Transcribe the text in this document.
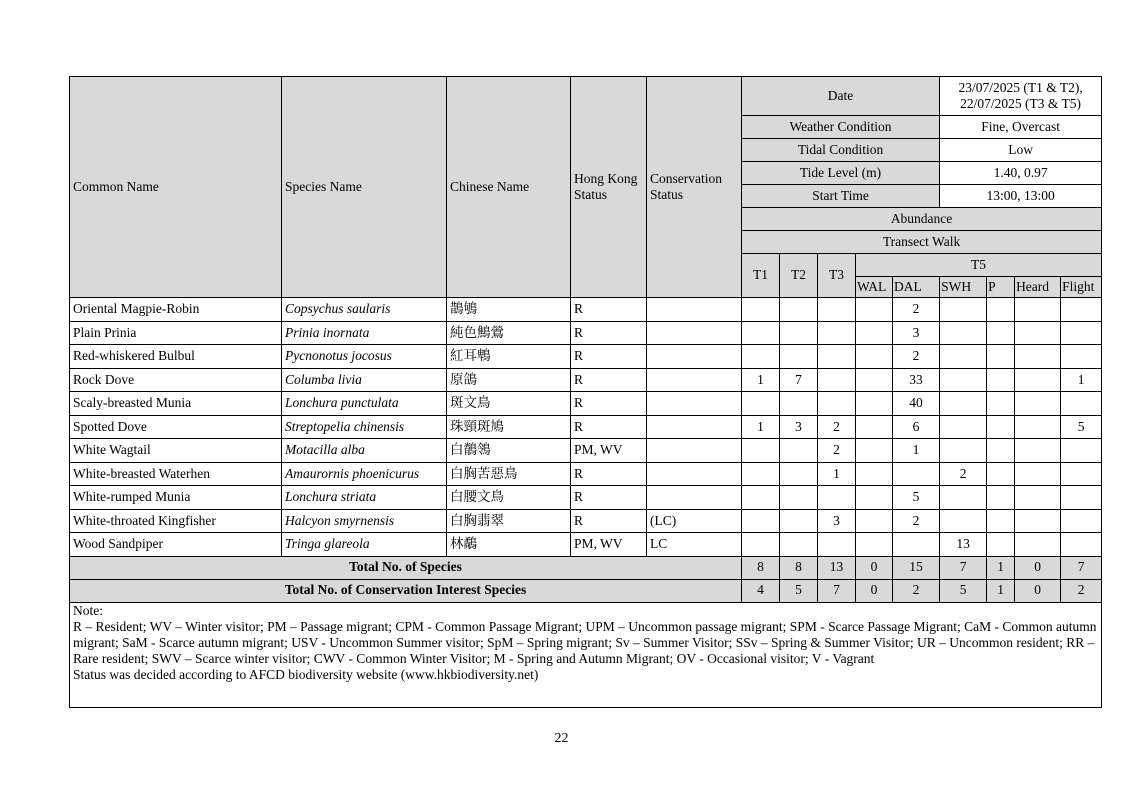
Common Name	Species Name	Chinese Name	Hong Kong Status	Conservation Status	Date					23/07/2025 (T1 & T2), 22/07/2025 (T3 & T5)			
					Weather Condition					Fine, Overcast			
					Tidal Condition					Low			
					Tide Level (m)					1.40, 0.97			
					Start Time					13:00, 13:00			
					Abundance								
					Transect Walk								
					T1	T2	T3	T5					
								WAL	DAL	SWH	P	Heard	Flight

Oriental Magpie-Robin	Copsychus saularis	鵲鴝	R						2				
Plain Prinia	Prinia inornata	純色鷦鶯	R						3				
Red-whiskered Bulbul	Pycnonotus jocosus	紅耳鵯	R						2				
Rock Dove	Columba livia	原鴿	R		1	7			33				1
Scaly-breasted Munia	Lonchura punctulata	斑文鳥	R						40				
Spotted Dove	Streptopelia chinensis	珠頸斑鳩	R		1	3	2		6				5
White Wagtail	Motacilla alba	白鶺鴒	PM, WV				2		1				
White-breasted Waterhen	Amaurornis phoenicurus	白胸苦惡鳥	R				1			2			
White-rumped Munia	Lonchura striata	白腰文鳥	R						5				
White-throated Kingfisher	Halcyon smyrnensis	白胸翡翠	R	(LC)			3		2				
Wood Sandpiper	Tringa glareola	林鷸	PM, WV	LC						13			
Total No. of Species					8	8	13	0	15	7	1	0	7
Total No. of Conservation Interest Species					4	5	7	0	2	5	1	0	2

Note:
R – Resident; WV – Winter visitor; PM – Passage migrant; CPM - Common Passage Migrant; UPM – Uncommon passage migrant; SPM - Scarce Passage Migrant; CaM - Common autumn migrant; SaM - Scarce autumn migrant; USV - Uncommon Summer visitor; SpM – Spring migrant; Sv – Summer Visitor; SSv – Spring & Summer Visitor; UR – Uncommon resident; RR – Rare resident; SWV – Scarce winter visitor; CWV - Common Winter Visitor; M - Spring and Autumn Migrant; OV - Occasional visitor; V - Vagrant
Status was decided according to AFCD biodiversity website (www.hkbiodiversity.net)													
22
